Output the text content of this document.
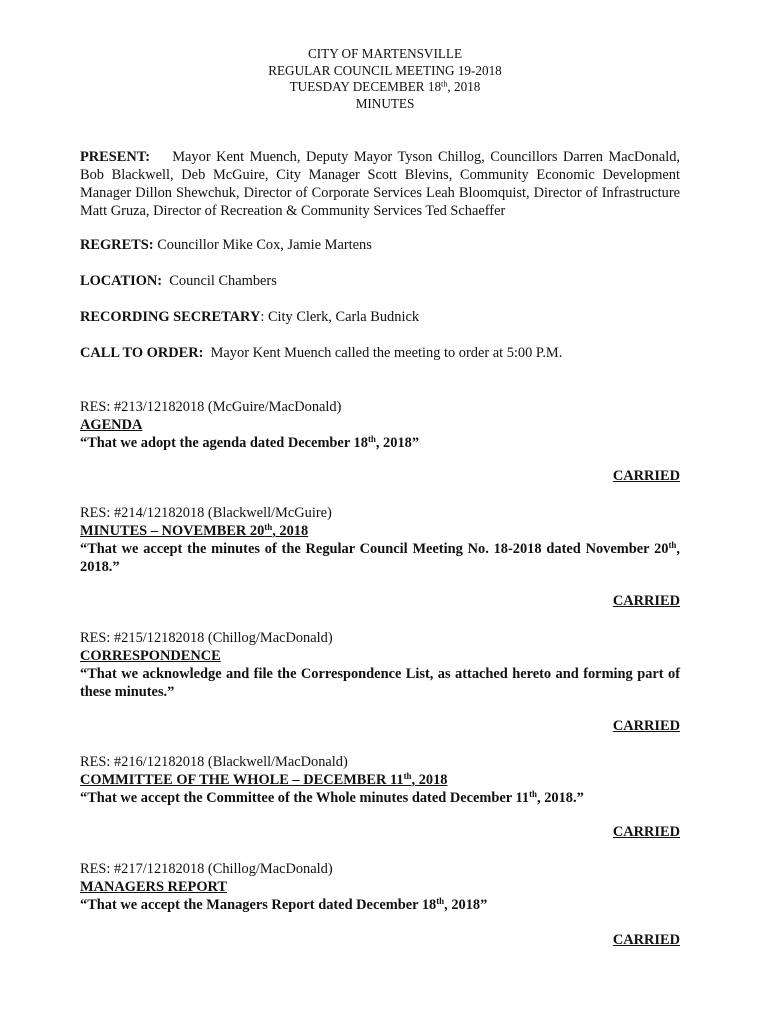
CITY OF MARTENSVILLE
REGULAR COUNCIL MEETING 19-2018
TUESDAY DECEMBER 18th, 2018
MINUTES
PRESENT: Mayor Kent Muench, Deputy Mayor Tyson Chillog, Councillors Darren MacDonald, Bob Blackwell, Deb McGuire, City Manager Scott Blevins, Community Economic Development Manager Dillon Shewchuk, Director of Corporate Services Leah Bloomquist, Director of Infrastructure Matt Gruza, Director of Recreation & Community Services Ted Schaeffer
REGRETS: Councillor Mike Cox, Jamie Martens
LOCATION: Council Chambers
RECORDING SECRETARY: City Clerk, Carla Budnick
CALL TO ORDER: Mayor Kent Muench called the meeting to order at 5:00 P.M.
RES: #213/12182018 (McGuire/MacDonald)
AGENDA
“That we adopt the agenda dated December 18th, 2018”
CARRIED
RES: #214/12182018 (Blackwell/McGuire)
MINUTES – NOVEMBER 20th, 2018
“That we accept the minutes of the Regular Council Meeting No. 18-2018 dated November 20th, 2018.”
CARRIED
RES: #215/12182018 (Chillog/MacDonald)
CORRESPONDENCE
“That we acknowledge and file the Correspondence List, as attached hereto and forming part of these minutes.”
CARRIED
RES: #216/12182018 (Blackwell/MacDonald)
COMMITTEE OF THE WHOLE – DECEMBER 11th, 2018
“That we accept the Committee of the Whole minutes dated December 11th, 2018.”
CARRIED
RES: #217/12182018 (Chillog/MacDonald)
MANAGERS REPORT
“That we accept the Managers Report dated December 18th, 2018”
CARRIED
